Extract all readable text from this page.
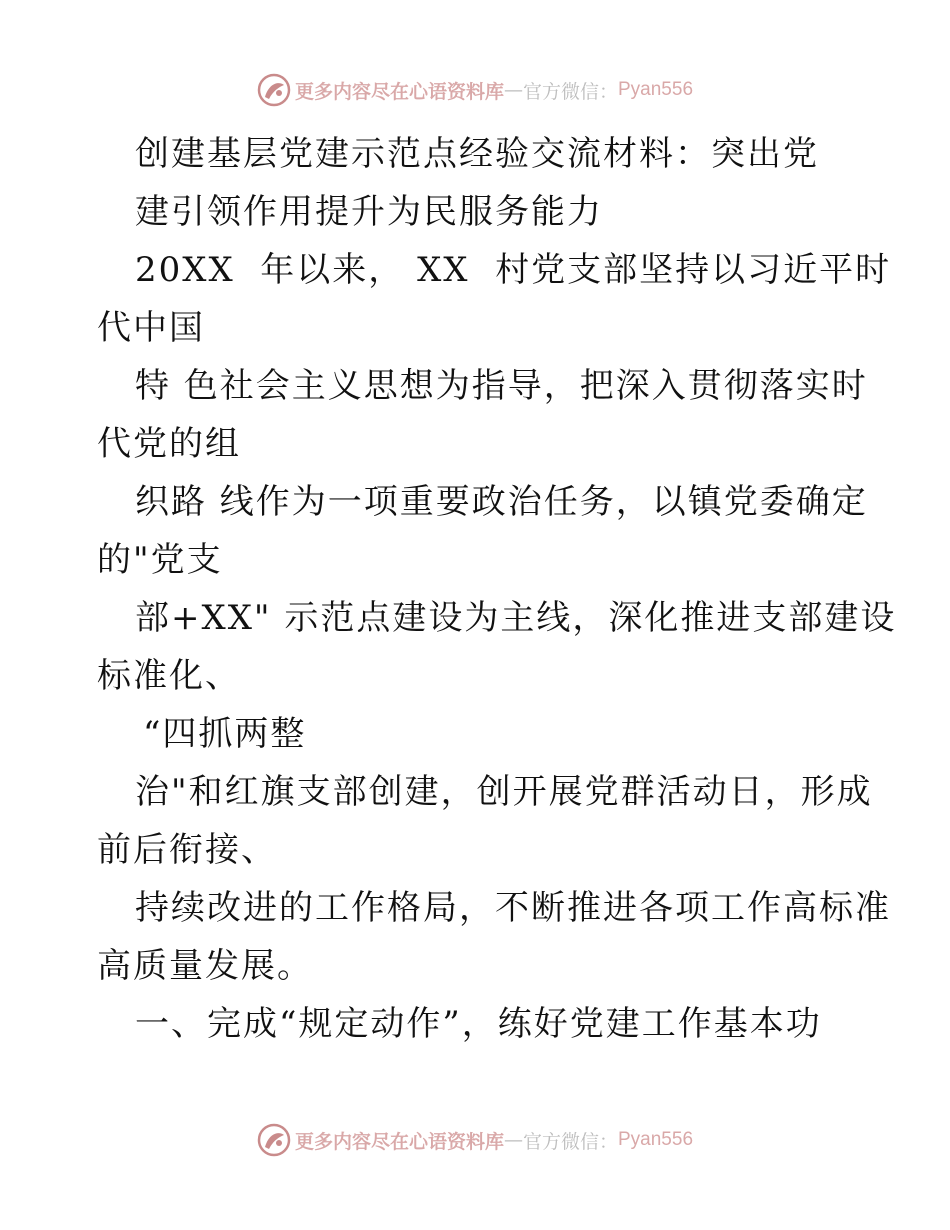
更多内容尽在心语资料库 — 官方微信： Pyan556
创建基层党建示范点经验交流材料：突出党
建引领作用提升为民服务能力
20XX  年以来， XX  村党支部坚持以习近平时
代中国
特 色社会主义思想为指导，把深入贯彻落实时
代党的组
织路 线作为一项重要政治任务，以镇党委确定
的"党支
部+XX" 示范点建设为主线，深化推进支部建设
标准化、
“四抓两整
治"和红旗支部创建，创开展党群活动日，形成
前后衔接、
持续改进的工作格局，不断推进各项工作高标准
高质量发展。
一、完成“规定动作”，练好党建工作基本功
更多内容尽在心语资料库 — 官方微信： Pyan556
